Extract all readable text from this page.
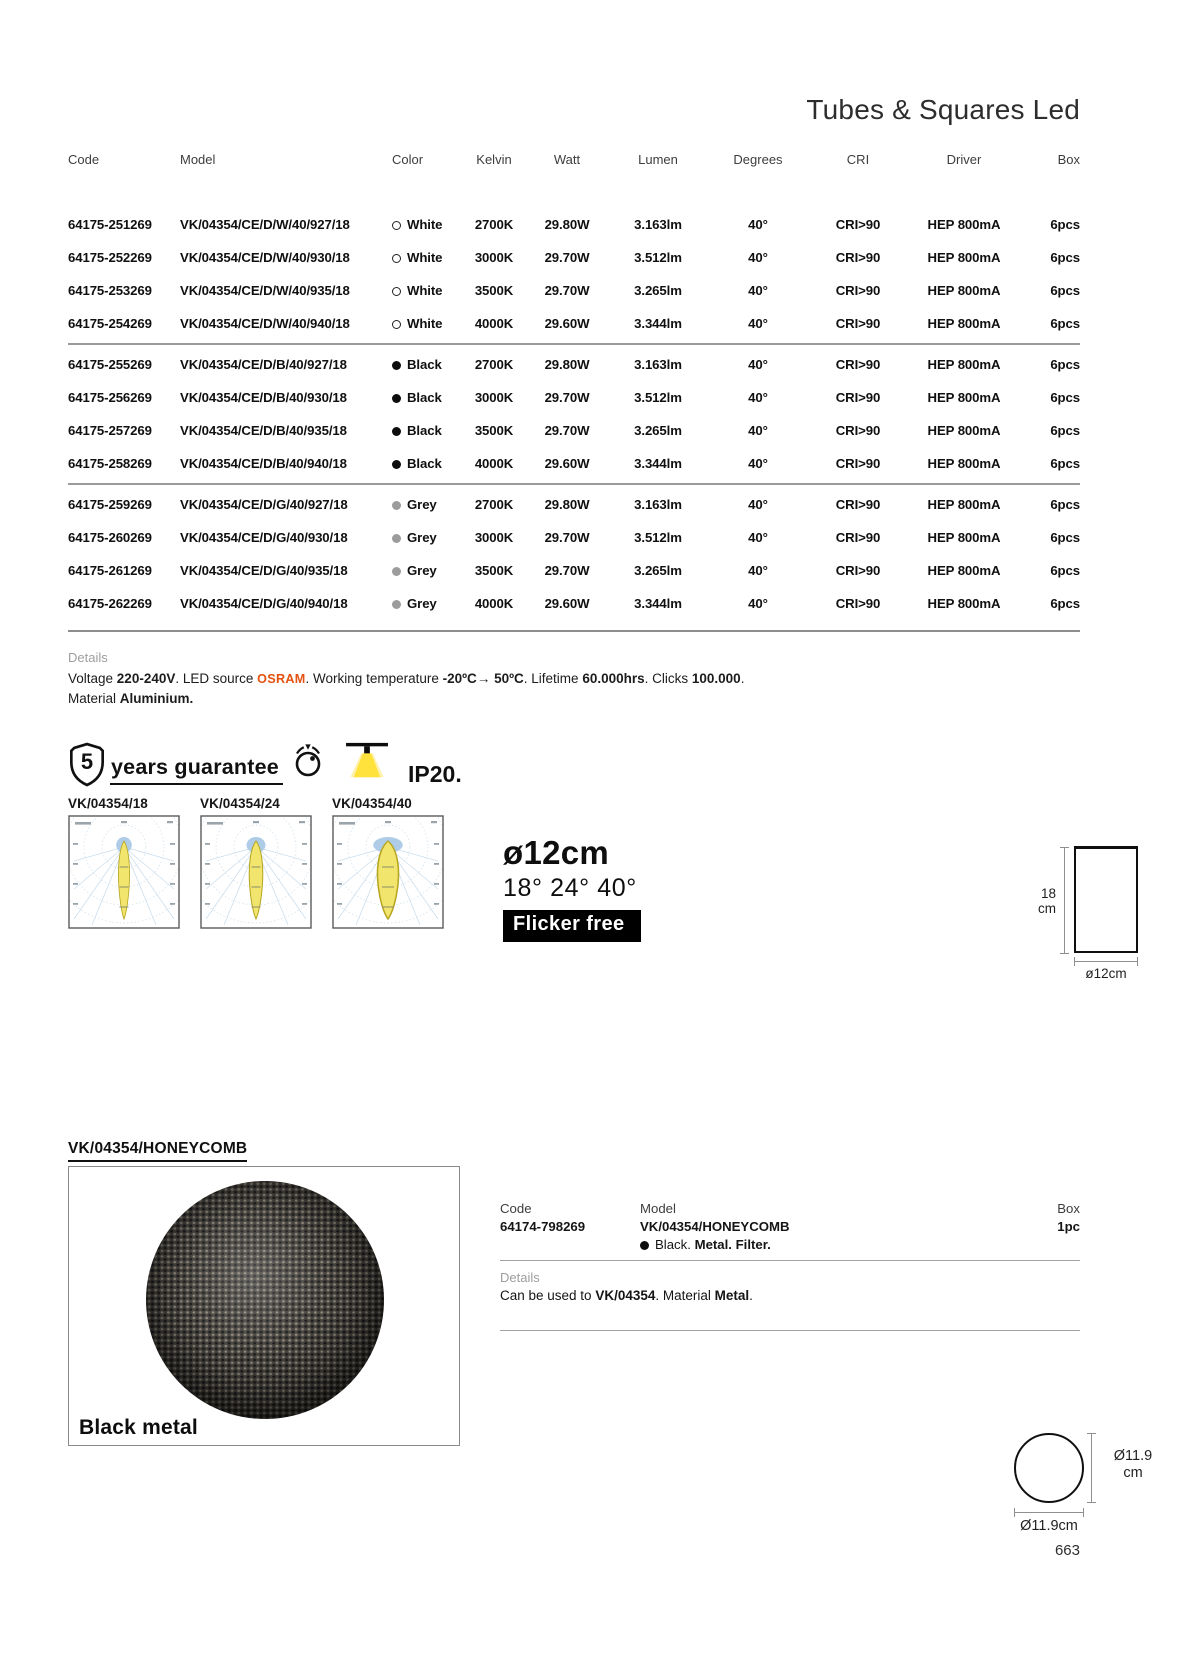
Tubes & Squares Led
Code	Model	Color	Kelvin	Watt	Lumen	Degrees	CRI	Driver	Box
64175-251269	VK/04354/CE/D/W/40/927/18	White	2700K	29.80W	3.163lm	40°	CRI>90	HEP 800mA	6pcs
64175-252269	VK/04354/CE/D/W/40/930/18	White	3000K	29.70W	3.512lm	40°	CRI>90	HEP 800mA	6pcs
64175-253269	VK/04354/CE/D/W/40/935/18	White	3500K	29.70W	3.265lm	40°	CRI>90	HEP 800mA	6pcs
64175-254269	VK/04354/CE/D/W/40/940/18	White	4000K	29.60W	3.344lm	40°	CRI>90	HEP 800mA	6pcs
64175-255269	VK/04354/CE/D/B/40/927/18	Black	2700K	29.80W	3.163lm	40°	CRI>90	HEP 800mA	6pcs
64175-256269	VK/04354/CE/D/B/40/930/18	Black	3000K	29.70W	3.512lm	40°	CRI>90	HEP 800mA	6pcs
64175-257269	VK/04354/CE/D/B/40/935/18	Black	3500K	29.70W	3.265lm	40°	CRI>90	HEP 800mA	6pcs
64175-258269	VK/04354/CE/D/B/40/940/18	Black	4000K	29.60W	3.344lm	40°	CRI>90	HEP 800mA	6pcs
64175-259269	VK/04354/CE/D/G/40/927/18	Grey	2700K	29.80W	3.163lm	40°	CRI>90	HEP 800mA	6pcs
64175-260269	VK/04354/CE/D/G/40/930/18	Grey	3000K	29.70W	3.512lm	40°	CRI>90	HEP 800mA	6pcs
64175-261269	VK/04354/CE/D/G/40/935/18	Grey	3500K	29.70W	3.265lm	40°	CRI>90	HEP 800mA	6pcs
64175-262269	VK/04354/CE/D/G/40/940/18	Grey	4000K	29.60W	3.344lm	40°	CRI>90	HEP 800mA	6pcs
Details
Voltage 220-240V. LED source OSRAM. Working temperature -20ºC→ 50ºC. Lifetime 60.000hrs. Clicks 100.000.
Material Aluminium.
5 years guarantee	IP20.
VK/04354/18	VK/04354/24	VK/04354/40
ø12cm
18° 24° 40°
Flicker free
18
cm
ø12cm
VK/04354/HONEYCOMB
Black metal
Code
64174-798269
Model
VK/04354/HONEYCOMB
Box
1pc
Black. Metal. Filter.
Details
Can be used to VK/04354. Material Metal.
Ø11.9
cm
Ø11.9cm
663
